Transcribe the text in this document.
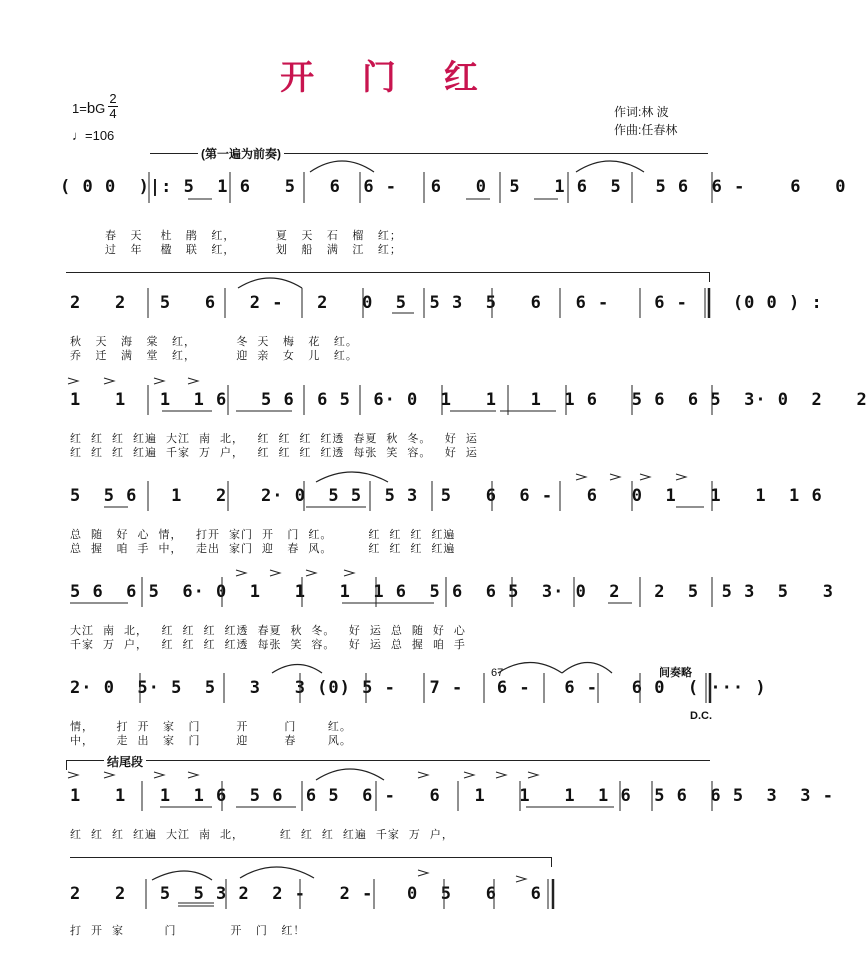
开 门 红
1=bG
2
4
♩=106
作词:林 波
作曲:任春林
(第一遍为前奏)
( 0 0  )|: 5  1 6   5   6  6 -   6   0  5   1 6  5   5 6  6 -    6   0
春   天    杜   鹃   红，         夏   天   石   榴   红；
过   年    楹   联   红，         划   船   满   江   红；
2   2   5   6   2 -   2   0  5  5 3  5   6   6 -    6 -    (0 0 ) :
秋   天   海   棠   红，         冬  天   梅   花   红。
乔   迁   满   堂   红，         迎  亲   女   儿   红。
1   1   1  1 6   5 6  6 5  6· 0  1   1   1  1 6   5 6  6 5  3· 0  2   2
红  红  红  红遍  大江  南  北，   红  红  红  红透  春夏  秋  冬。   好  运
红  红  红  红遍  千家  万  户，   红  红  红  红透  每张  笑  容。   好  运
5  5 6   1   2   2· 0  5 5  5 3  5   6  6 -   6   0  1   1   1  1 6
总  随   好  心  情，   打开  家门  开   门  红。        红  红  红  红遍
总  握   咱  手  中，   走出  家门  迎   春  风。        红  红  红  红遍
5 6  6 5  6· 0  1   1   1  1 6  5 6  6 5  3· 0  2   2  5  5 3  5   3
大江  南  北，   红  红  红  红透  春夏  秋  冬。   好  运  总  随  好  心
千家  万  户，   红  红  红  红透  每张  笑  容。   好  运  总  握  咱  手
67	间奏略
2· 0  5· 5  5   3   3 (0) 5 -   7 -   6 -   6 -   6 0  ( ··· )
D.C.
情，     打  开   家   门        开        门       红。
中，     走  出   家   门        迎        春       风。
结尾段
1   1   1  1 6  5 6  6 5  6 -   6   1   1   1  1 6  5 6  6 5  3  3 -
红  红  红  红遍  大江  南  北，        红  红  红  红遍  千家  万  户，
2   2   5  5 3 2  2 -   2 -   0  5   6   6
打  开  家         门            开   门   红！
